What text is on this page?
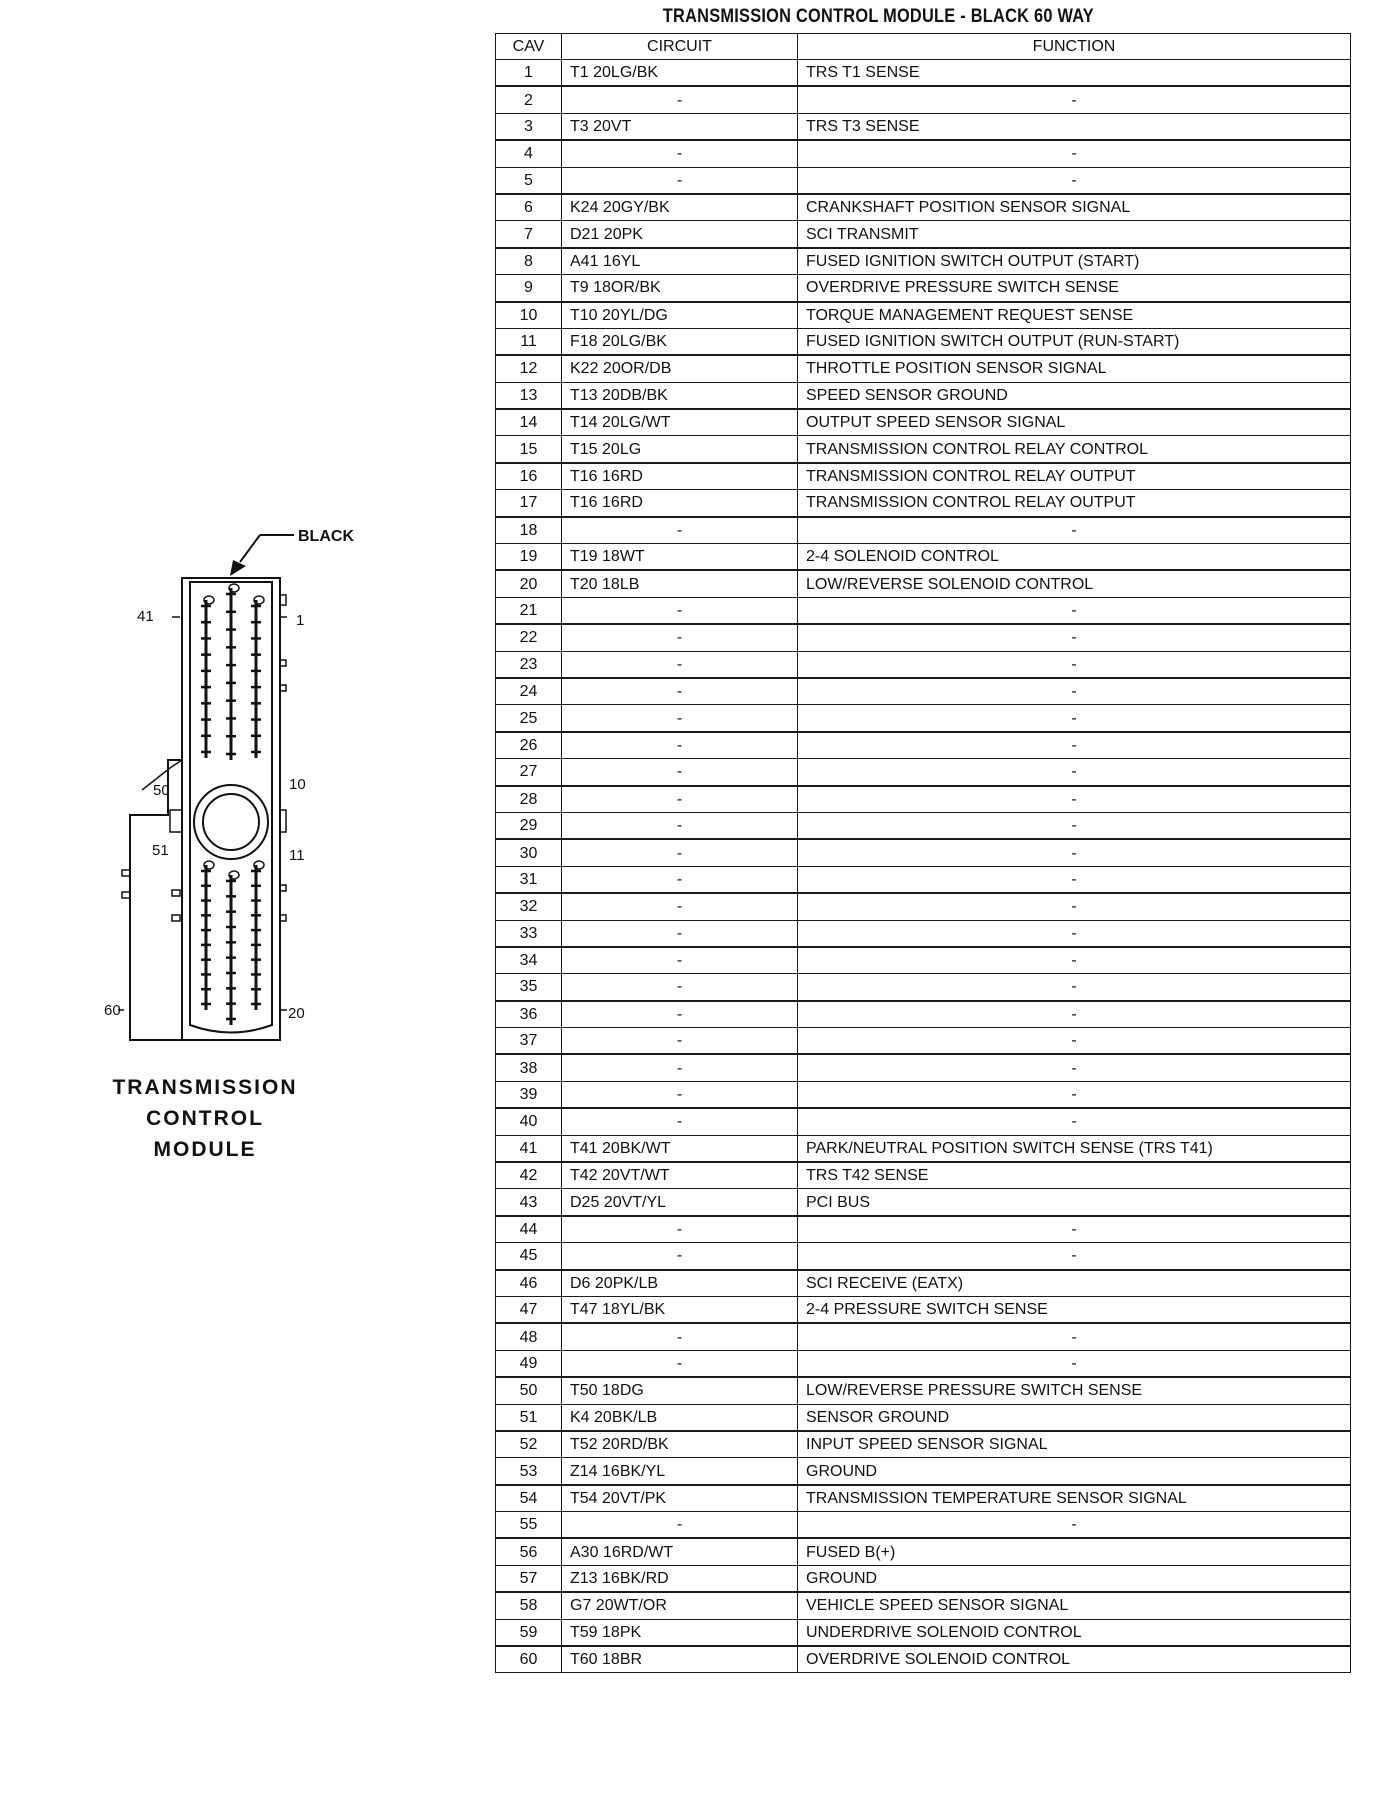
TRANSMISSION CONTROL MODULE - BLACK 60 WAY
CAV	CIRCUIT	FUNCTION
1	T1 20LG/BK	TRS T1 SENSE
2	-	-
3	T3 20VT	TRS T3 SENSE
4	-	-
5	-	-
6	K24 20GY/BK	CRANKSHAFT POSITION SENSOR SIGNAL
7	D21 20PK	SCI TRANSMIT
8	A41 16YL	FUSED IGNITION SWITCH OUTPUT (START)
9	T9 18OR/BK	OVERDRIVE PRESSURE SWITCH SENSE
10	T10 20YL/DG	TORQUE MANAGEMENT REQUEST SENSE
11	F18 20LG/BK	FUSED IGNITION SWITCH OUTPUT (RUN-START)
12	K22 20OR/DB	THROTTLE POSITION SENSOR SIGNAL
13	T13 20DB/BK	SPEED SENSOR GROUND
14	T14 20LG/WT	OUTPUT SPEED SENSOR SIGNAL
15	T15 20LG	TRANSMISSION CONTROL RELAY CONTROL
16	T16 16RD	TRANSMISSION CONTROL RELAY OUTPUT
17	T16 16RD	TRANSMISSION CONTROL RELAY OUTPUT
18	-	-
19	T19 18WT	2-4 SOLENOID CONTROL
20	T20 18LB	LOW/REVERSE SOLENOID CONTROL
21	-	-
22	-	-
23	-	-
24	-	-
25	-	-
26	-	-
27	-	-
28	-	-
29	-	-
30	-	-
31	-	-
32	-	-
33	-	-
34	-	-
35	-	-
36	-	-
37	-	-
38	-	-
39	-	-
40	-	-
41	T41 20BK/WT	PARK/NEUTRAL POSITION SWITCH SENSE (TRS T41)
42	T42 20VT/WT	TRS T42 SENSE
43	D25 20VT/YL	PCI BUS
44	-	-
45	-	-
46	D6 20PK/LB	SCI RECEIVE (EATX)
47	T47 18YL/BK	2-4 PRESSURE SWITCH SENSE
48	-	-
49	-	-
50	T50 18DG	LOW/REVERSE PRESSURE SWITCH SENSE
51	K4 20BK/LB	SENSOR GROUND
52	T52 20RD/BK	INPUT SPEED SENSOR SIGNAL
53	Z14 16BK/YL	GROUND
54	T54 20VT/PK	TRANSMISSION TEMPERATURE SENSOR SIGNAL
55	-	-
56	A30 16RD/WT	FUSED B(+)
57	Z13 16BK/RD	GROUND
58	G7 20WT/OR	VEHICLE SPEED SENSOR SIGNAL
59	T59 18PK	UNDERDRIVE SOLENOID CONTROL
60	T60 18BR	OVERDRIVE SOLENOID CONTROL
BLACK
41	1
50	10
51	11
60	20
TRANSMISSION
CONTROL
MODULE
